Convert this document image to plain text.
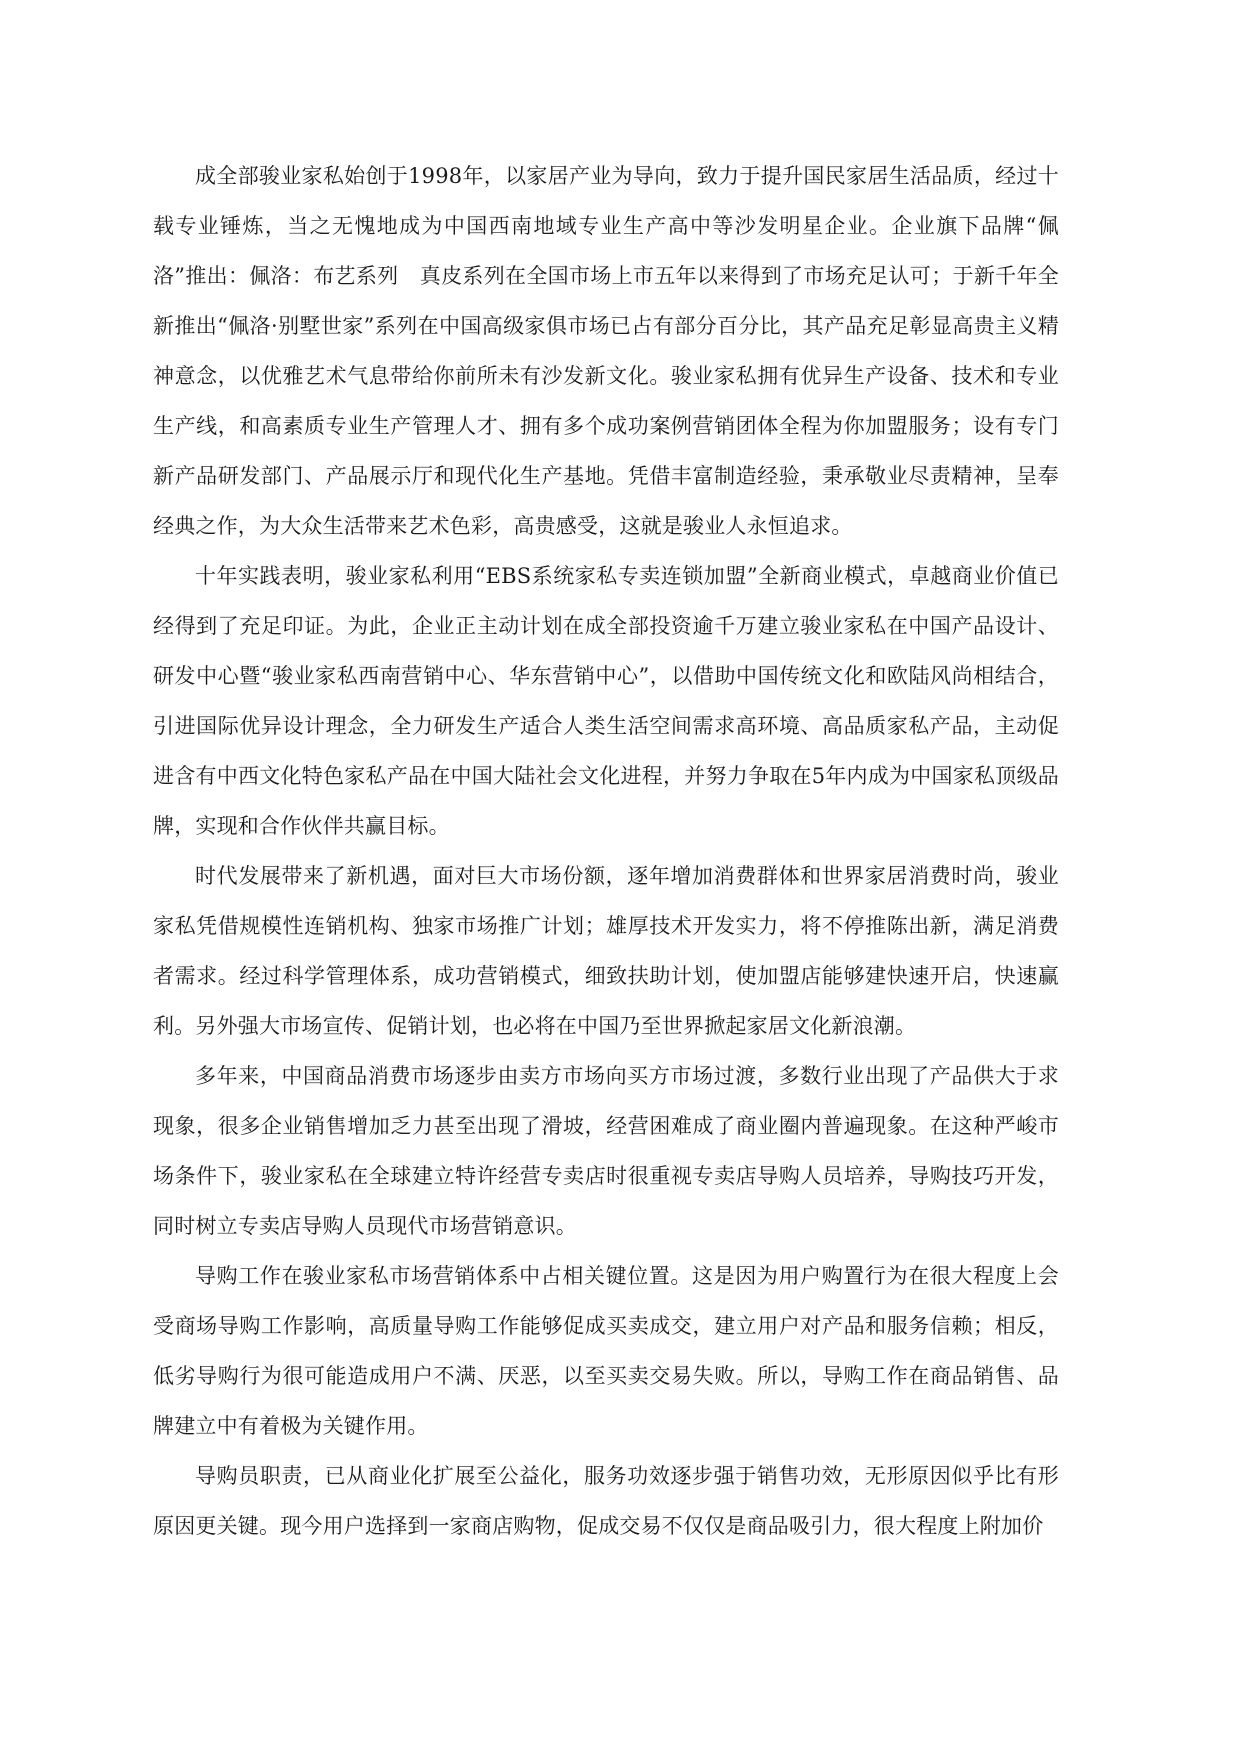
成全部骏业家私始创于1998年，以家居产业为导向，致力于提升国民家居生活品质，经过十载专业锤炼，当之无愧地成为中国西南地域专业生产高中等沙发明星企业。企业旗下品牌“佩洛”推出：佩洛：布艺系列　真皮系列在全国市场上市五年以来得到了市场充足认可；于新千年全新推出“佩洛·别墅世家”系列在中国高级家俱市场已占有部分百分比，其产品充足彰显高贵主义精神意念，以优雅艺术气息带给你前所未有沙发新文化。骏业家私拥有优异生产设备、技术和专业生产线，和高素质专业生产管理人才、拥有多个成功案例营销团体全程为你加盟服务；设有专门新产品研发部门、产品展示厅和现代化生产基地。凭借丰富制造经验，秉承敬业尽责精神，呈奉经典之作，为大众生活带来艺术色彩，高贵感受，这就是骏业人永恒追求。

十年实践表明，骏业家私利用“EBS系统家私专卖连锁加盟”全新商业模式，卓越商业价值已经得到了充足印证。为此，企业正主动计划在成全部投资逾千万建立骏业家私在中国产品设计、研发中心暨“骏业家私西南营销中心、华东营销中心”，以借助中国传统文化和欧陆风尚相结合，引进国际优异设计理念，全力研发生产适合人类生活空间需求高环境、高品质家私产品，主动促进含有中西文化特色家私产品在中国大陆社会文化进程，并努力争取在5年内成为中国家私顶级品牌，实现和合作伙伴共赢目标。

时代发展带来了新机遇，面对巨大市场份额，逐年增加消费群体和世界家居消费时尚，骏业家私凭借规模性连销机构、独家市场推广计划；雄厚技术开发实力，将不停推陈出新，满足消费者需求。经过科学管理体系，成功营销模式，细致扶助计划，使加盟店能够建快速开启，快速赢利。另外强大市场宣传、促销计划，也必将在中国乃至世界掀起家居文化新浪潮。

多年来，中国商品消费市场逐步由卖方市场向买方市场过渡，多数行业出现了产品供大于求现象，很多企业销售增加乏力甚至出现了滑坡，经营困难成了商业圈内普遍现象。在这种严峻市场条件下，骏业家私在全球建立特许经营专卖店时很重视专卖店导购人员培养，导购技巧开发，同时树立专卖店导购人员现代市场营销意识。

导购工作在骏业家私市场营销体系中占相关键位置。这是因为用户购置行为在很大程度上会受商场导购工作影响，高质量导购工作能够促成买卖成交，建立用户对产品和服务信赖；相反，低劣导购行为很可能造成用户不满、厌恶，以至买卖交易失败。所以，导购工作在商品销售、品牌建立中有着极为关键作用。

导购员职责，已从商业化扩展至公益化，服务功效逐步强于销售功效，无形原因似乎比有形原因更关键。现今用户选择到一家商店购物，促成交易不仅仅是商品吸引力，很大程度上附加价
